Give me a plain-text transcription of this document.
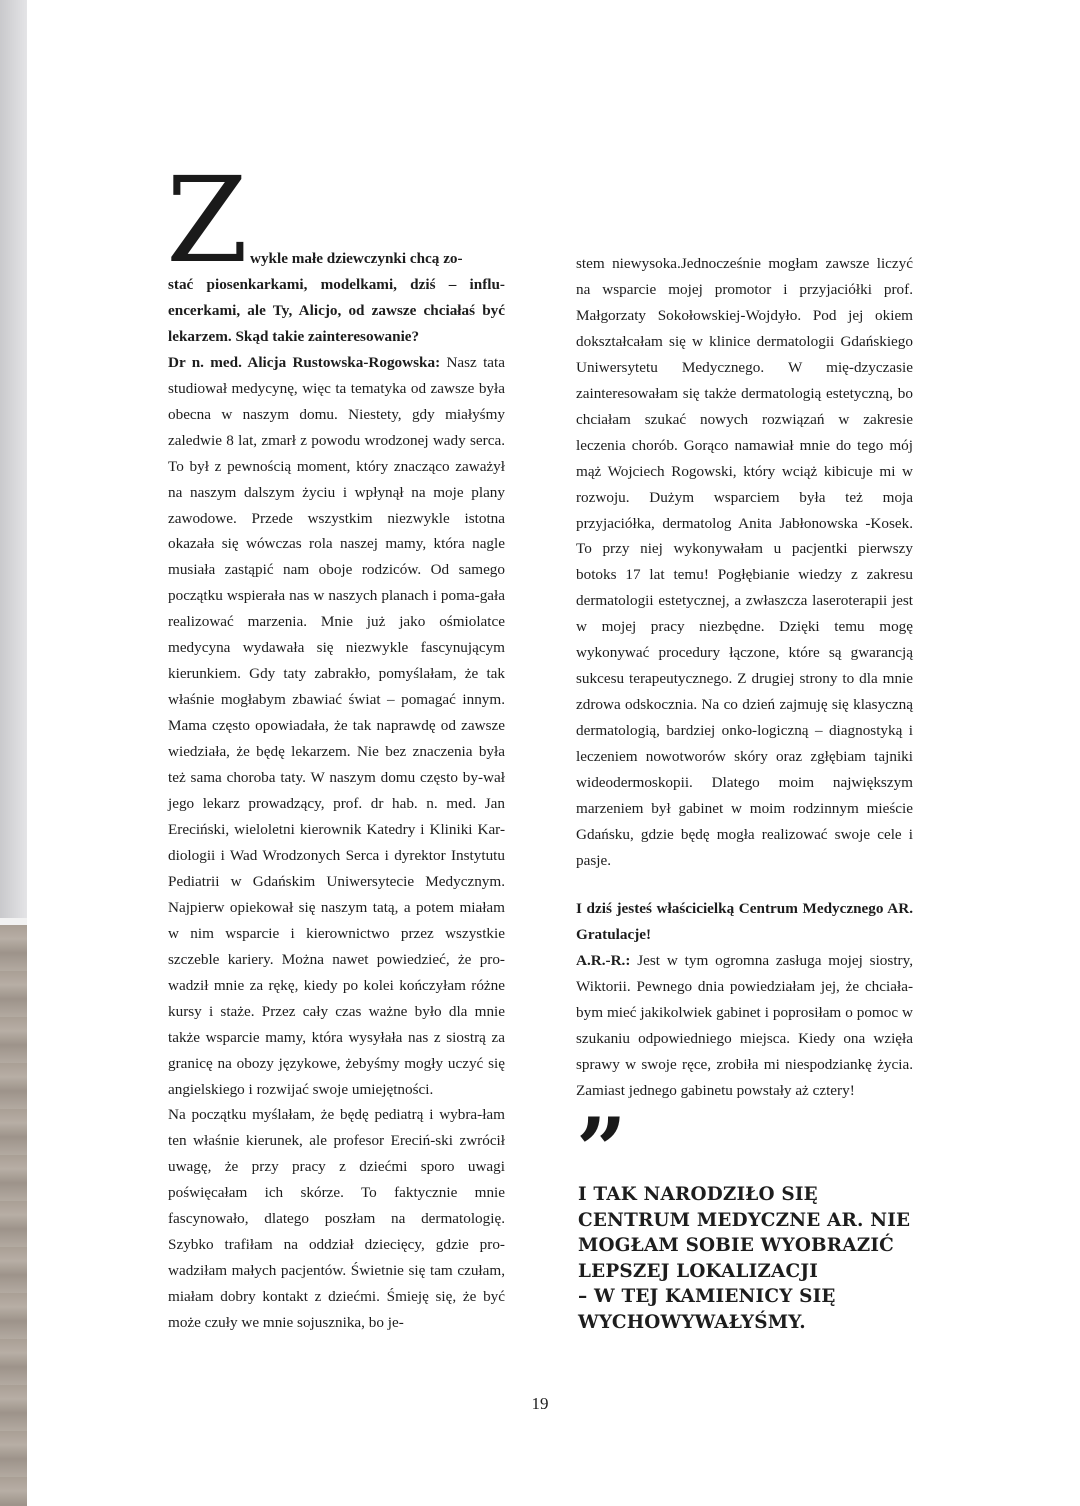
Z wykle małe dziewczynki chcą zo-
stać piosenkarkami, modelkami, dziś – influ-encerkami, ale Ty, Alicjo, od zawsze chciałaś być lekarzem. Skąd takie zainteresowanie?

Dr n. med. Alicja Rustowska-Rogowska: Nasz tata studiował medycynę, więc ta tematyka od zawsze była obecna w naszym domu. Niestety, gdy miałyśmy zaledwie 8 lat, zmarł z powodu wrodzonej wady serca. To był z pewnością moment, który znacząco zaważył na naszym dalszym życiu i wpłynął na moje plany zawodowe. Przede wszystkim niezwykle istotna okazała się wówczas rola naszej mamy, która nagle musiała zastąpić nam oboje rodziców. Od samego początku wspierała nas w naszych planach i poma-gała realizować marzenia. Mnie już jako ośmiolatce medycyna wydawała się niezwykle fascynującym kierunkiem. Gdy taty zabrakło, pomyślałam, że tak właśnie mogłabym zbawiać świat – pomagać innym. Mama często opowiadała, że tak naprawdę od zawsze wiedziała, że będę lekarzem. Nie bez znaczenia była też sama choroba taty. W naszym domu często by-wał jego lekarz prowadzący, prof. dr hab. n. med. Jan Ereciński, wieloletni kierownik Katedry i Kliniki Kar-diologii i Wad Wrodzonych Serca i dyrektor Instytutu Pediatrii w Gdańskim Uniwersytecie Medycznym. Najpierw opiekował się naszym tatą, a potem miałam w nim wsparcie i kierownictwo przez wszystkie szczeble kariery. Można nawet powiedzieć, że pro-wadził mnie za rękę, kiedy po kolei kończyłam różne kursy i staże. Przez cały czas ważne było dla mnie także wsparcie mamy, która wysyłała nas z siostrą za granicę na obozy językowe, żebyśmy mogły uczyć się angielskiego i rozwijać swoje umiejętności.

Na początku myślałam, że będę pediatrą i wybra-łam ten właśnie kierunek, ale profesor Ereciń-ski zwrócił uwagę, że przy pracy z dziećmi sporo uwagi poświęcałam ich skórze. To faktycznie mnie fascynowało, dlatego poszłam na dermatologię. Szybko trafiłam na oddział dziecięcy, gdzie pro-wadziłam małych pacjentów. Świetnie się tam czułam, miałam dobry kontakt z dziećmi. Śmieję się, że być może czuły we mnie sojusznika, bo je-

stem niewysoka.Jednocześnie mogłam zawsze liczyć na wsparcie mojej promotor i przyjaciółki prof. Małgorzaty Sokołowskiej-Wojdyło. Pod jej okiem dokształcałam się w klinice dermatologii Gdańskiego Uniwersytetu Medycznego. W mię-dzyczasie zainteresowałam się także dermatologią estetyczną, bo chciałam szukać nowych rozwiązań w zakresie leczenia chorób. Gorąco namawiał mnie do tego mój mąż Wojciech Rogowski, który wciąż kibicuje mi w rozwoju. Dużym wsparciem była też moja przyjaciółka, dermatolog Anita Jabłonowska -Kosek. To przy niej wykonywałam u pacjentki pierwszy botoks 17 lat temu! Pogłębianie wiedzy z zakresu dermatologii estetycznej, a zwłaszcza laseroterapii jest w mojej pracy niezbędne. Dzięki temu mogę wykonywać procedury łączone, które są gwarancją sukcesu terapeutycznego. Z drugiej strony to dla mnie zdrowa odskocznia. Na co dzień zajmuję się klasyczną dermatologią, bardziej onko-logiczną – diagnostyką i leczeniem nowotworów skóry oraz zgłębiam tajniki wideodermoskopii. Dlatego moim największym marzeniem był gabinet w moim rodzinnym mieście Gdańsku, gdzie będę mogła realizować swoje cele i pasje.

I dziś jesteś właścicielką Centrum Medycznego AR. Gratulacje!

A.R.-R.: Jest w tym ogromna zasługa mojej siostry, Wiktorii. Pewnego dnia powiedziałam jej, że chciała-bym mieć jakikolwiek gabinet i poprosiłam o pomoc w szukaniu odpowiedniego miejsca. Kiedy ona wzięła sprawy w swoje ręce, zrobiła mi niespodziankę życia. Zamiast jednego gabinetu powstały aż cztery!

”
I TAK NARODZIŁO SIĘ
CENTRUM MEDYCZNE AR. NIE
MOGŁAM SOBIE WYOBRAZIĆ
LEPSZEJ LOKALIZACJI
– W TEJ KAMIENICY SIĘ
WYCHOWYWAŁYŚMY.
19
